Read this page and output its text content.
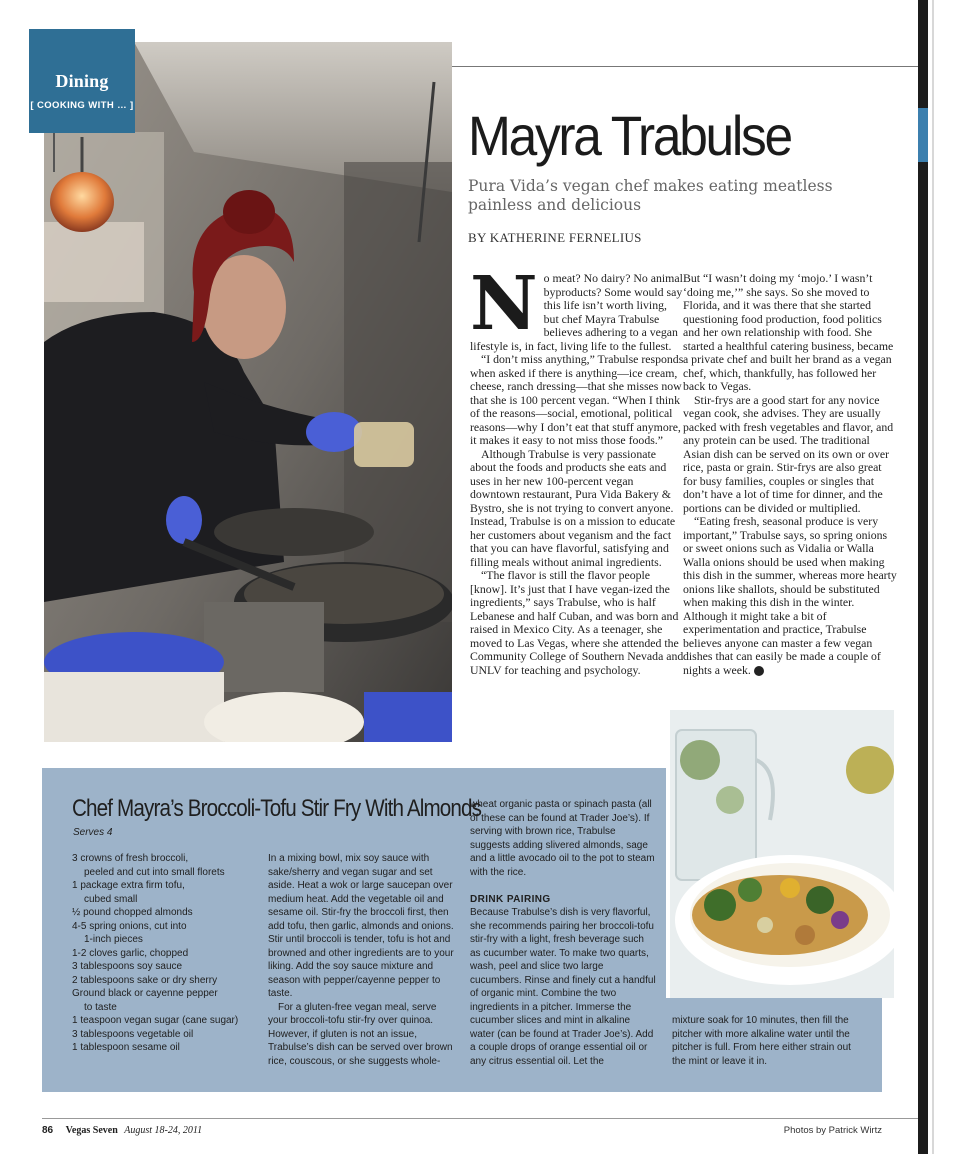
Dining
[ COOKING WITH … ]	Mayra Trabulse
Pura Vida’s vegan chef makes eating meatless painless and delicious
BY KATHERINE FERNELIUS

No meat? No dairy? No animal byproducts? Some would say this life isn’t worth living, but chef Mayra Trabulse believes adhering to a vegan lifestyle is, in fact, living life to the fullest.

“I don’t miss anything,” Trabulse responds when asked if there is anything—ice cream, cheese, ranch dressing—that she misses now that she is 100 percent vegan. “When I think of the reasons—social, emotional, political reasons—why I don’t eat that stuff anymore, it makes it easy to not miss those foods.”

Although Trabulse is very passionate about the foods and products she eats and uses in her new 100-percent vegan downtown restaurant, Pura Vida Bakery & Bystro, she is not trying to convert anyone. Instead, Trabulse is on a mission to educate her customers about veganism and the fact that you can have flavorful, satisfying and filling meals without animal ingredients.

“The flavor is still the flavor people [know]. It’s just that I have vegan-ized the ingredients,” says Trabulse, who is half Lebanese and half Cuban, and was born and raised in Mexico City. As a teenager, she moved to Las Vegas, where she attended the Community College of Southern Nevada and UNLV for teaching and psychology.

But “I wasn’t doing my ‘mojo.’ I wasn’t ‘doing me,’” she says. So she moved to Florida, and it was there that she started questioning food production, food politics and her own relationship with food. She started a healthful catering business, became a private chef and built her brand as a vegan chef, which, thankfully, has followed her back to Vegas.

Stir-frys are a good start for any novice vegan cook, she advises. They are usually packed with fresh vegetables and flavor, and any protein can be used. The traditional Asian dish can be served on its own or over rice, pasta or grain. Stir-frys are also great for busy families, couples or singles that don’t have a lot of time for dinner, and the portions can be divided or multiplied.

“Eating fresh, seasonal produce is very important,” Trabulse says, so spring onions or sweet onions such as Vidalia or Walla Walla onions should be used when making this dish in the summer, whereas more hearty onions like shallots, should be substituted when making this dish in the winter. Although it might take a bit of experimentation and practice, Trabulse believes anyone can master a few vegan dishes that can easily be made a couple of nights a week. 7

Chef Mayra’s Broccoli-Tofu Stir Fry With Almonds
Serves 4
3 crowns of fresh broccoli,
peeled and cut into small florets
1 package extra firm tofu,
cubed small
½ pound chopped almonds
4-5 spring onions, cut into
1-inch pieces
1-2 cloves garlic, chopped
3 tablespoons soy sauce
2 tablespoons sake or dry sherry
Ground black or cayenne pepper
to taste
1 teaspoon vegan sugar (cane sugar)
3 tablespoons vegetable oil
1 tablespoon sesame oil

In a mixing bowl, mix soy sauce with sake/sherry and vegan sugar and set aside. Heat a wok or large saucepan over medium heat. Add the vegetable oil and sesame oil. Stir-fry the broccoli first, then add tofu, then garlic, almonds and onions. Stir until broccoli is tender, tofu is hot and browned and other ingredients are to your liking. Add the soy sauce mixture and season with pepper/cayenne pepper to taste.

For a gluten-free vegan meal, serve your broccoli-tofu stir-fry over quinoa. However, if gluten is not an issue, Trabulse’s dish can be served over brown rice, couscous, or she suggests whole-

wheat organic pasta or spinach pasta (all of these can be found at Trader Joe’s). If serving with brown rice, Trabulse suggests adding slivered almonds, sage and a little avocado oil to the pot to steam with the rice.

DRINK PAIRING

Because Trabulse’s dish is very flavorful, she recommends pairing her broccoli-tofu stir-fry with a light, fresh beverage such as cucumber water. To make two quarts, wash, peel and slice two large cucumbers. Rinse and finely cut a handful of organic mint. Combine the two ingredients in a pitcher. Immerse the cucumber slices and mint in alkaline water (can be found at Trader Joe’s). Add a couple drops of orange essential oil or any citrus essential oil. Let the

mixture soak for 10 minutes, then fill the pitcher with more alkaline water until the pitcher is full. From here either strain out the mint or leave it in.

86 Vegas Seven August 18-24, 2011	Photos by Patrick Wirtz
